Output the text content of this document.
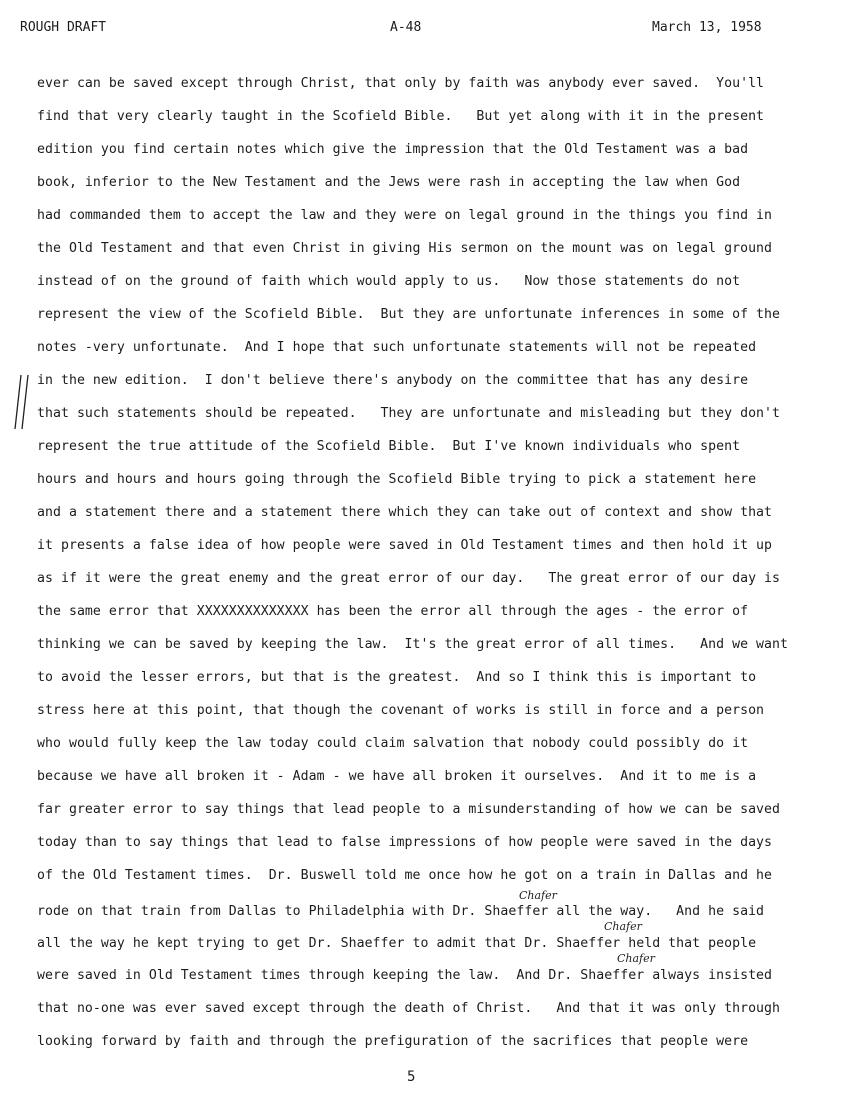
ROUGH DRAFT	A-48	March 13, 1958
ever can be saved except through Christ, that only by faith was anybody ever saved.  You'll
find that very clearly taught in the Scofield Bible.   But yet along with it in the present
edition you find certain notes which give the impression that the Old Testament was a bad
book, inferior to the New Testament and the Jews were rash in accepting the law when God
had commanded them to accept the law and they were on legal ground in the things you find in
the Old Testament and that even Christ in giving His sermon on the mount was on legal ground
instead of on the ground of faith which would apply to us.   Now those statements do not
represent the view of the Scofield Bible.  But they are unfortunate inferences in some of the
notes -very unfortunate.  And I hope that such unfortunate statements will not be repeated
in the new edition.  I don't believe there's anybody on the committee that has any desire
that such statements should be repeated.   They are unfortunate and misleading but they don't
represent the true attitude of the Scofield Bible.  But I've known individuals who spent
hours and hours and hours going through the Scofield Bible trying to pick a statement here
and a statement there and a statement there which they can take out of context and show that
it presents a false idea of how people were saved in Old Testament times and then hold it up
as if it were the great enemy and the great error of our day.   The great error of our day is
the same error that XXXXXXXXXXXXXX has been the error all through the ages - the error of
thinking we can be saved by keeping the law.  It's the great error of all times.   And we want
to avoid the lesser errors, but that is the greatest.  And so I think this is important to
stress here at this point, that though the covenant of works is still in force and a person
who would fully keep the law today could claim salvation that nobody could possibly do it
because we have all broken it - Adam - we have all broken it ourselves.  And it to me is a
far greater error to say things that lead people to a misunderstanding of how we can be saved
today than to say things that lead to false impressions of how people were saved in the days
of the Old Testament times.  Dr. Buswell told me once how he got on a train in Dallas and he
rode on that train from Dallas to Philadelphia with Dr. Shaeffer all the way.   And he said
all the way he kept trying to get Dr. Shaeffer to admit that Dr. Shaeffer held that people
were saved in Old Testament times through keeping the law.  And Dr. Shaeffer always insisted
that no-one was ever saved except through the death of Christ.   And that it was only through
looking forward by faith and through the prefiguration of the sacrifices that people were
Chafer
Chafer
Chafer
5
